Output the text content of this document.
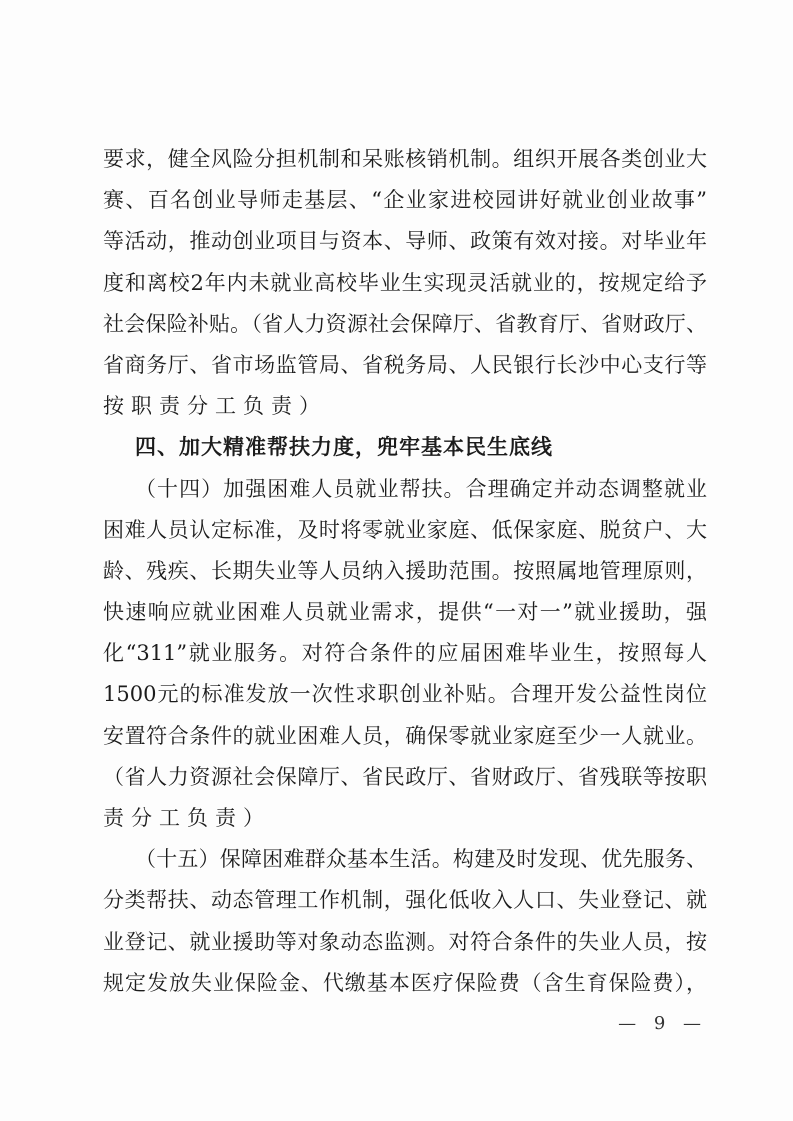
要求，健全风险分担机制和呆账核销机制。组织开展各类创业大
赛、百名创业导师走基层、“企业家进校园讲好就业创业故事”
等活动，推动创业项目与资本、导师、政策有效对接。对毕业年
度和离校2年内未就业高校毕业生实现灵活就业的，按规定给予
社会保险补贴。（省人力资源社会保障厅、省教育厅、省财政厅、
省商务厅、省市场监管局、省税务局、人民银行长沙中心支行等
按职责分工负责）
四、加大精准帮扶力度，兜牢基本民生底线
（十四）加强困难人员就业帮扶。合理确定并动态调整就业
困难人员认定标准，及时将零就业家庭、低保家庭、脱贫户、大
龄、残疾、长期失业等人员纳入援助范围。按照属地管理原则，
快速响应就业困难人员就业需求，提供“一对一”就业援助，强
化“311”就业服务。对符合条件的应届困难毕业生，按照每人
1500元的标准发放一次性求职创业补贴。合理开发公益性岗位
安置符合条件的就业困难人员，确保零就业家庭至少一人就业。
（省人力资源社会保障厅、省民政厅、省财政厅、省残联等按职
责分工负责）
（十五）保障困难群众基本生活。构建及时发现、优先服务、
分类帮扶、动态管理工作机制，强化低收入人口、失业登记、就
业登记、就业援助等对象动态监测。对符合条件的失业人员，按
规定发放失业保险金、代缴基本医疗保险费（含生育保险费），
— 9 —
